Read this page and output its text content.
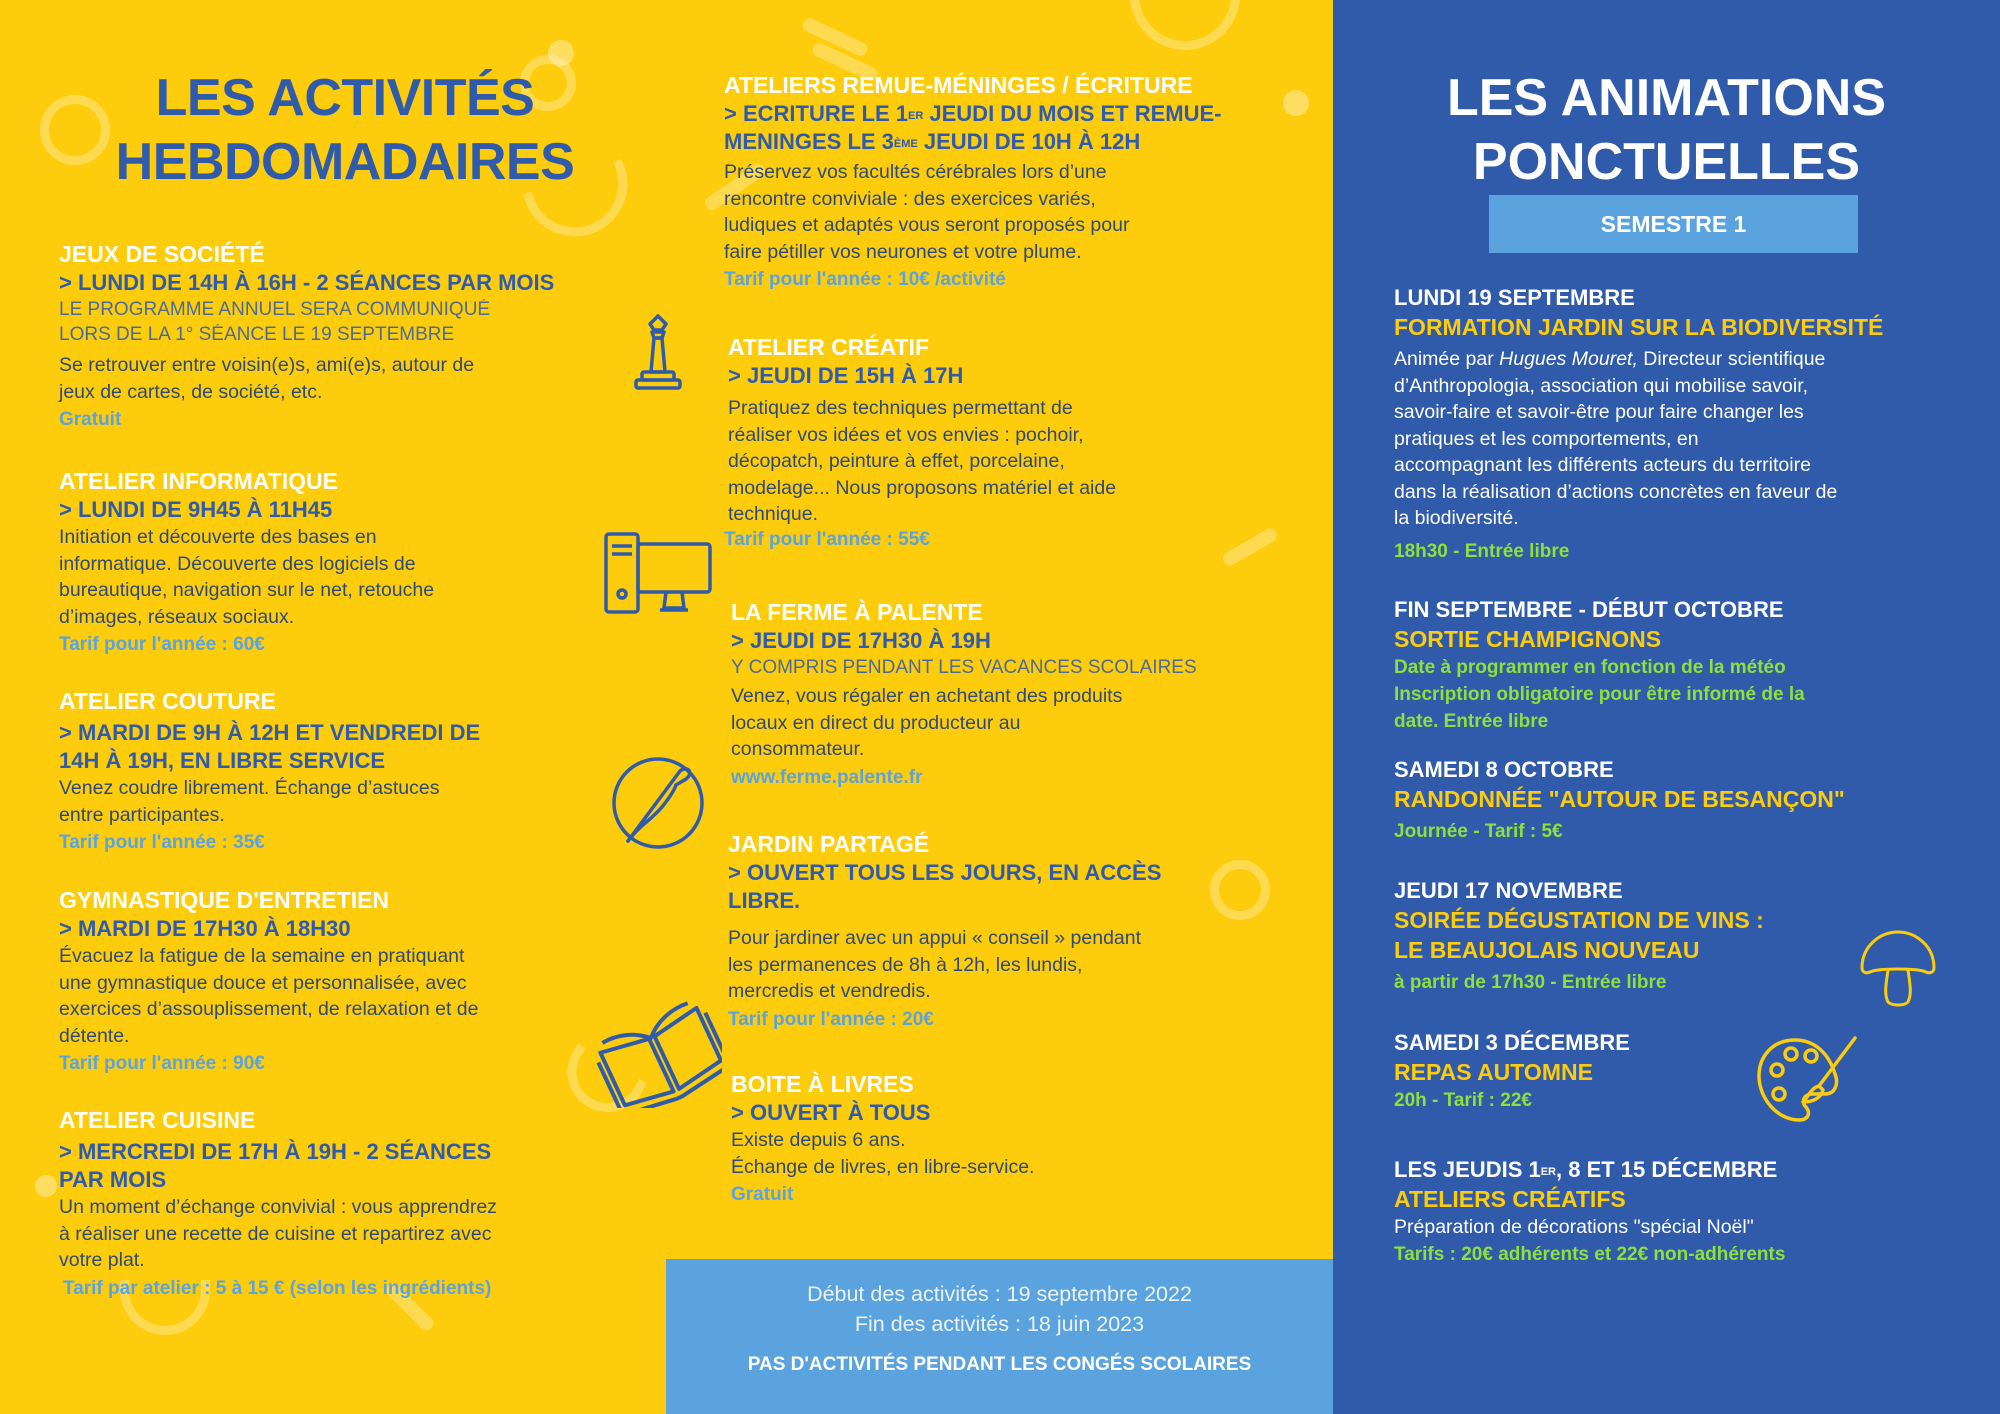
LES ACTIVITÉS
HEBDOMADAIRES
LES ANIMATIONS
PONCTUELLES
SEMESTRE 1
JEUX DE SOCIÉTÉ
> LUNDI DE 14H À 16H - 2 SÉANCES PAR MOIS
LE PROGRAMME ANNUEL SERA COMMUNIQUÉ
LORS DE LA 1° SÉANCE LE 19 SEPTEMBRE
Se retrouver entre voisin(e)s, ami(e)s, autour de
jeux de cartes, de société, etc.
Gratuit
ATELIER INFORMATIQUE
> LUNDI DE 9H45 À 11H45
Initiation et découverte des bases en
informatique. Découverte des logiciels de
bureautique, navigation sur le net, retouche
d’images, réseaux sociaux.
Tarif pour l'année : 60€
ATELIER COUTURE
> MARDI DE 9H À 12H ET VENDREDI DE
14H À 19H, EN LIBRE SERVICE
Venez coudre librement. Échange d’astuces
entre participantes.
Tarif pour l'année : 35€
GYMNASTIQUE D'ENTRETIEN
> MARDI DE 17H30 À 18H30
Évacuez la fatigue de la semaine en pratiquant
une gymnastique douce et personnalisée, avec
exercices d’assouplissement, de relaxation et de
détente.
Tarif pour l'année : 90€
ATELIER CUISINE
> MERCREDI DE 17H À 19H - 2 SÉANCES
PAR MOIS
Un moment d’échange convivial : vous apprendrez
à réaliser une recette de cuisine et repartirez avec
votre plat.
Tarif par atelier : 5 à 15 € (selon les ingrédients)
ATELIERS REMUE-MÉNINGES / ÉCRITURE
> ECRITURE LE 1ER JEUDI DU MOIS ET REMUE-
MENINGES LE 3ÈME JEUDI DE 10H À 12H
Préservez vos facultés cérébrales lors d’une
rencontre conviviale : des exercices variés,
ludiques et adaptés vous seront proposés pour
faire pétiller vos neurones et votre plume.
Tarif pour l'année : 10€ /activité
ATELIER CRÉATIF
> JEUDI DE 15H À 17H
Pratiquez des techniques permettant de
réaliser vos idées et vos envies : pochoir,
décopatch, peinture à effet, porcelaine,
modelage... Nous proposons matériel et aide
technique.
Tarif pour l'année : 55€
LA FERME À PALENTE
> JEUDI DE 17H30 À 19H
Y COMPRIS PENDANT LES VACANCES SCOLAIRES
Venez, vous régaler en achetant des produits
locaux en direct du producteur au
consommateur.
www.ferme.palente.fr
JARDIN PARTAGÉ
> OUVERT TOUS LES JOURS, EN ACCÈS
LIBRE.
Pour jardiner avec un appui « conseil » pendant
les permanences de 8h à 12h, les lundis,
mercredis et vendredis.
Tarif pour l'année : 20€
BOITE À LIVRES
> OUVERT À TOUS
Existe depuis 6 ans.
Échange de livres, en libre-service.
Gratuit
Début des activités : 19 septembre 2022
Fin des activités : 18 juin 2023
PAS D'ACTIVITÉS PENDANT LES CONGÉS SCOLAIRES
LUNDI 19 SEPTEMBRE
FORMATION JARDIN SUR LA BIODIVERSITÉ
Animée par Hugues Mouret, Directeur scientifique
d’Anthropologia, association qui mobilise savoir,
savoir-faire et savoir-être pour faire changer les
pratiques et les comportements, en
accompagnant les différents acteurs du territoire
dans la réalisation d’actions concrètes en faveur de
la biodiversité.
18h30 - Entrée libre
FIN SEPTEMBRE - DÉBUT OCTOBRE
SORTIE CHAMPIGNONS
Date à programmer en fonction de la météo
Inscription obligatoire pour être informé de la
date. Entrée libre
SAMEDI 8 OCTOBRE
RANDONNÉE "AUTOUR DE BESANÇON"
Journée - Tarif : 5€
JEUDI 17 NOVEMBRE
SOIRÉE DÉGUSTATION DE VINS :
LE BEAUJOLAIS NOUVEAU
à partir de 17h30 - Entrée libre
SAMEDI 3 DÉCEMBRE
REPAS AUTOMNE
20h - Tarif : 22€
LES JEUDIS 1ER, 8 ET 15 DÉCEMBRE
ATELIERS CRÉATIFS
Préparation de décorations "spécial Noël"
Tarifs : 20€ adhérents et 22€ non-adhérents
